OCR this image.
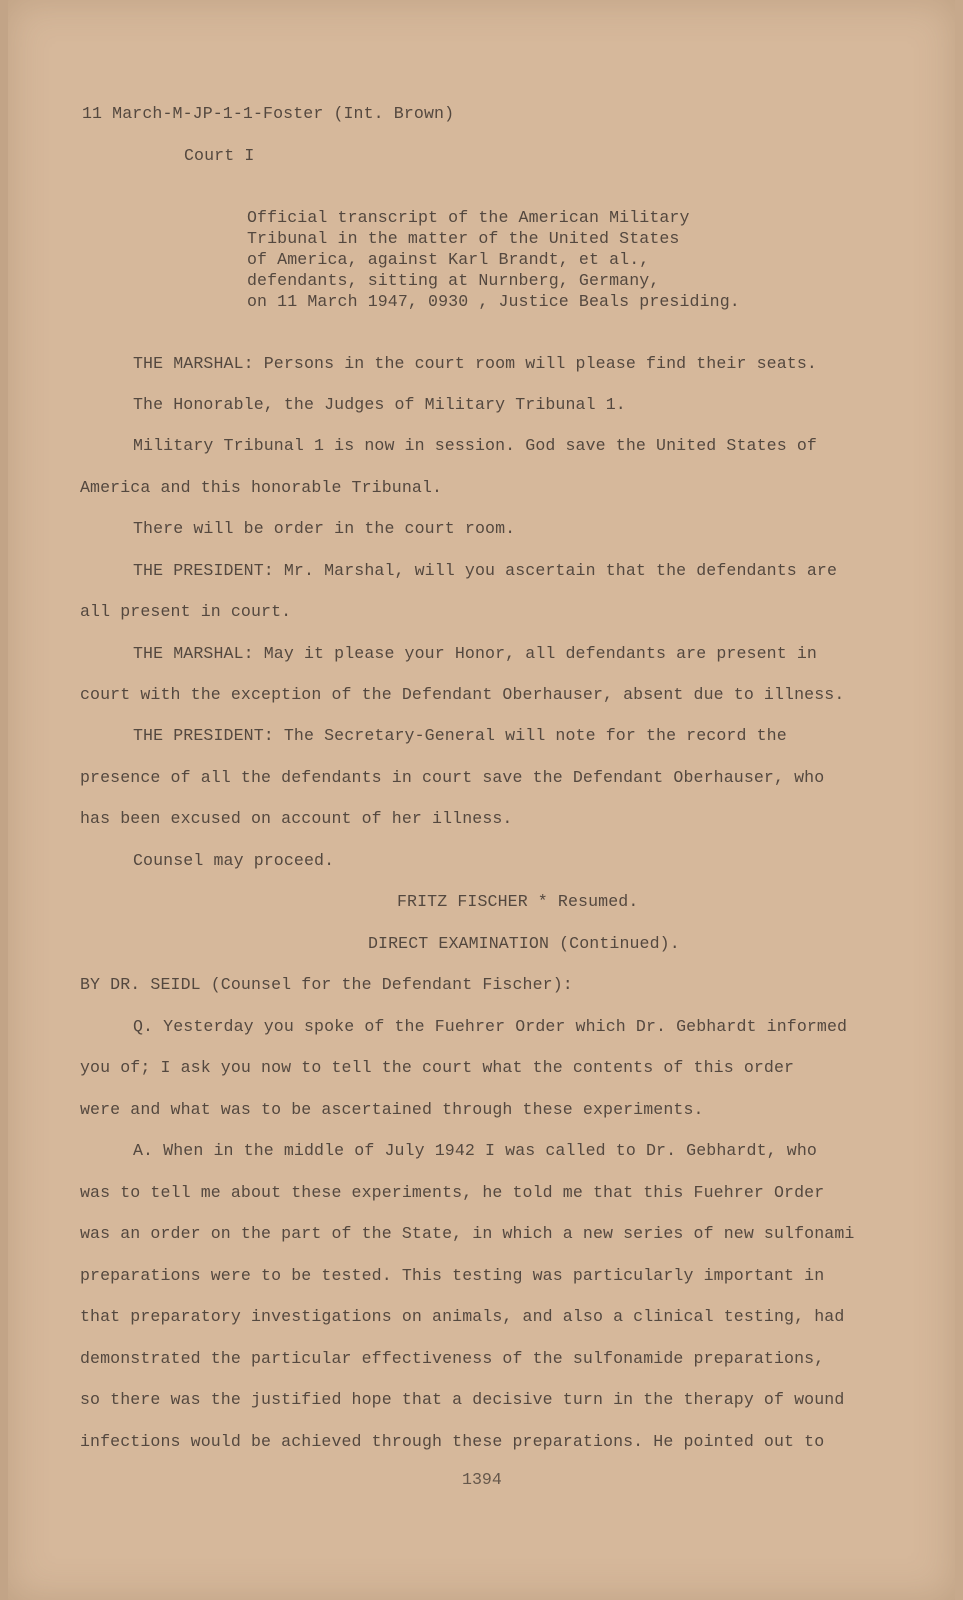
11 March-M-JP-1-1-Foster (Int. Brown)
Court I
Official transcript of the American Military
Tribunal in the matter of the United States
of America, against Karl Brandt, et al.,
defendants, sitting at Nurnberg, Germany,
on 11 March 1947, 0930 , Justice Beals presiding.
THE MARSHAL: Persons in the court room will please find their seats.
The Honorable, the Judges of Military Tribunal 1.
Military Tribunal 1 is now in session. God save the United States of
America and this honorable Tribunal.
There will be order in the court room.
THE PRESIDENT: Mr. Marshal, will you ascertain that the defendants are
all present in court.
THE MARSHAL: May it please your Honor, all defendants are present in
court with the exception of the Defendant Oberhauser, absent due to illness.
THE PRESIDENT: The Secretary-General will note for the record the
presence of all the defendants in court save the Defendant Oberhauser, who
has been excused on account of her illness.
Counsel may proceed.
FRITZ FISCHER * Resumed.
DIRECT EXAMINATION (Continued).
BY DR. SEIDL (Counsel for the Defendant Fischer):
Q. Yesterday you spoke of the Fuehrer Order which Dr. Gebhardt informed
you of; I ask you now to tell the court what the contents of this order
were and what was to be ascertained through these experiments.
A. When in the middle of July 1942 I was called to Dr. Gebhardt, who
was to tell me about these experiments, he told me that this Fuehrer Order
was an order on the part of the State, in which a new series of new sulfonami
preparations were to be tested. This testing was particularly important in
that preparatory investigations on animals, and also a clinical testing, had
demonstrated the particular effectiveness of the sulfonamide preparations,
so there was the justified hope that a decisive turn in the therapy of wound
infections would be achieved through these preparations. He pointed out to
1394
